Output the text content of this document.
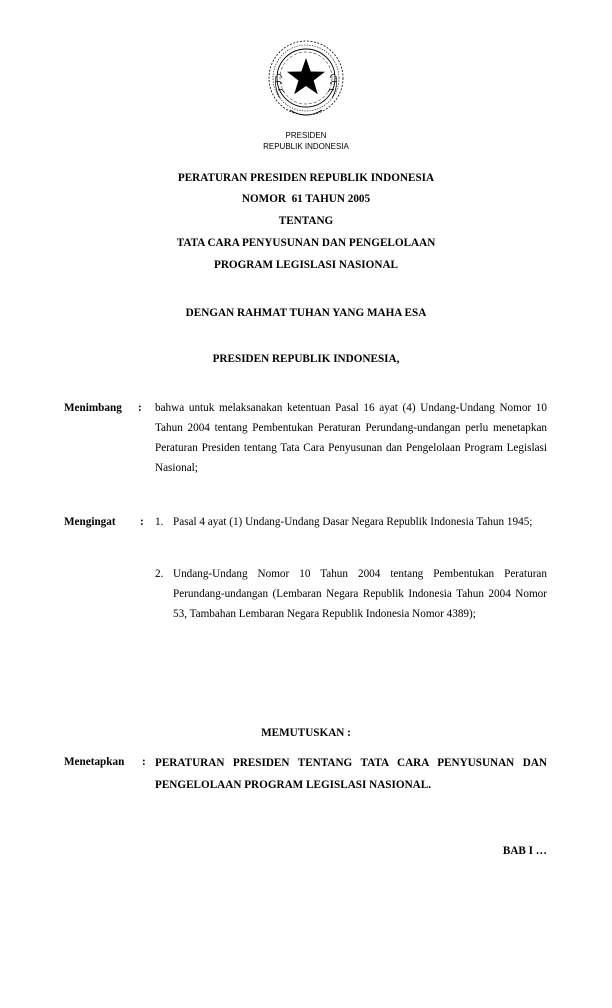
PRESIDEN
REPUBLIK INDONESIA
PERATURAN PRESIDEN REPUBLIK INDONESIA
NOMOR  61 TAHUN 2005
TENTANG
TATA CARA PENYUSUNAN DAN PENGELOLAAN
PROGRAM LEGISLASI NASIONAL
DENGAN RAHMAT TUHAN YANG MAHA ESA
PRESIDEN REPUBLIK INDONESIA,
Menimbang : bahwa untuk melaksanakan ketentuan Pasal 16 ayat (4) Undang-Undang Nomor 10 Tahun 2004 tentang Pembentukan Peraturan Perundang-undangan perlu menetapkan Peraturan Presiden tentang Tata Cara Penyusunan dan Pengelolaan Program Legislasi Nasional;

Mengingat : 1. Pasal 4 ayat (1) Undang-Undang Dasar Negara Republik Indonesia Tahun 1945;

2. Undang-Undang Nomor 10 Tahun 2004 tentang Pembentukan Peraturan Perundang-undangan (Lembaran Negara Republik Indonesia Tahun 2004 Nomor 53, Tambahan Lembaran Negara Republik Indonesia Nomor 4389);

MEMUTUSKAN :
Menetapkan : PERATURAN PRESIDEN TENTANG TATA CARA PENYUSUNAN DAN PENGELOLAAN PROGRAM LEGISLASI NASIONAL.

BAB I …
